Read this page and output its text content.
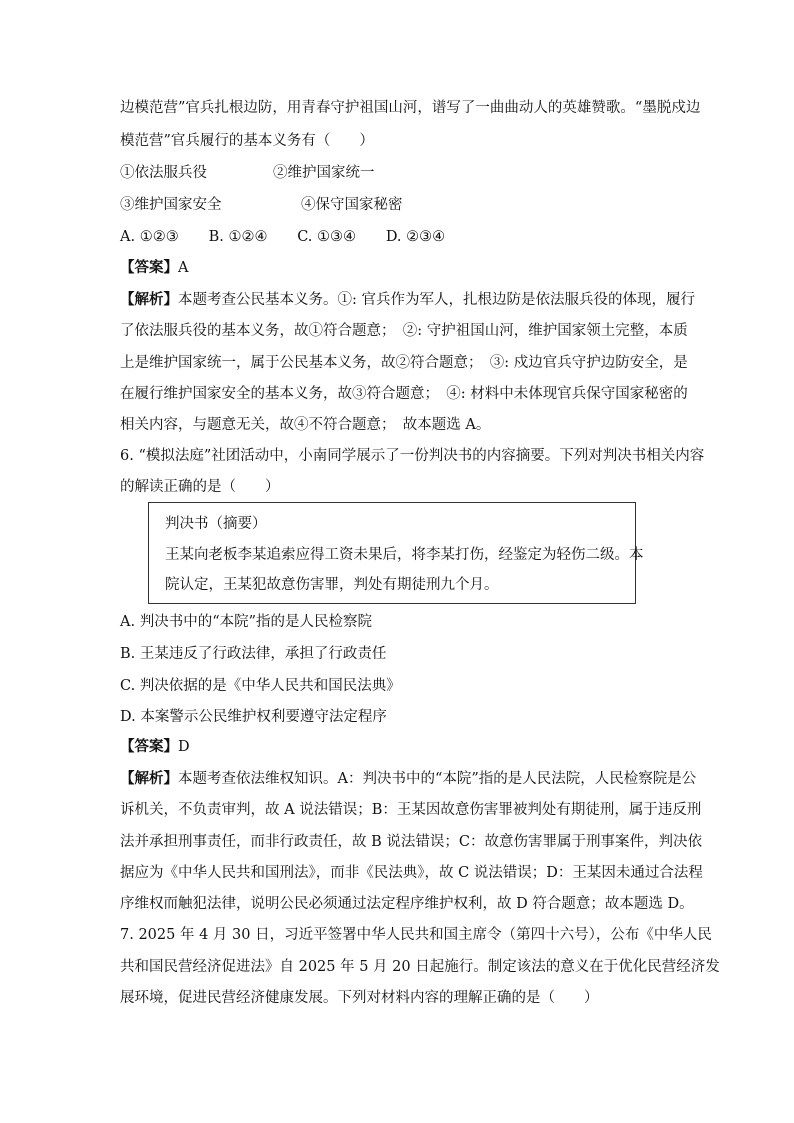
边模范营”官兵扎根边防，用青春守护祖国山河，谱写了一曲曲动人的英雄赞歌。“墨脱戍边
模范营”官兵履行的基本义务有（　　）
①依法服兵役	②维护国家统一
③维护国家安全	④保守国家秘密
A. ①②③ B. ①②④ C. ①③④ D. ②③④
【答案】A
【解析】本题考查公民基本义务。①: 官兵作为军人，扎根边防是依法服兵役的体现，履行
了依法服兵役的基本义务，故①符合题意；　②: 守护祖国山河，维护国家领土完整，本质
上是维护国家统一，属于公民基本义务，故②符合题意；　③: 戍边官兵守护边防安全，是
在履行维护国家安全的基本义务，故③符合题意；　④: 材料中未体现官兵保守国家秘密的
相关内容，与题意无关，故④不符合题意；　故本题选 A。
6. “模拟法庭”社团活动中，小南同学展示了一份判决书的内容摘要。下列对判决书相关内容
的解读正确的是（　　）
判决书（摘要）
王某向老板李某追索应得工资未果后，将李某打伤，经鉴定为轻伤二级。本
院认定，王某犯故意伤害罪，判处有期徒刑九个月。
A. 判决书中的“本院”指的是人民检察院
B. 王某违反了行政法律，承担了行政责任
C. 判决依据的是《中华人民共和国民法典》
D. 本案警示公民维护权利要遵守法定程序
【答案】D
【解析】本题考查依法维权知识。A：判决书中的“本院”指的是人民法院，人民检察院是公
诉机关，不负责审判，故 A 说法错误；B：王某因故意伤害罪被判处有期徒刑，属于违反刑
法并承担刑事责任，而非行政责任，故 B 说法错误；C：故意伤害罪属于刑事案件，判决依
据应为《中华人民共和国刑法》，而非《民法典》，故 C 说法错误；D：王某因未通过合法程
序维权而触犯法律，说明公民必须通过法定程序维护权利，故 D 符合题意；故本题选 D。
7. 2025 年 4 月 30 日，习近平签署中华人民共和国主席令（第四十六号），公布《中华人民
共和国民营经济促进法》自 2025 年 5 月 20 日起施行。制定该法的意义在于优化民营经济发
展环境，促进民营经济健康发展。下列对材料内容的理解正确的是（　　）
